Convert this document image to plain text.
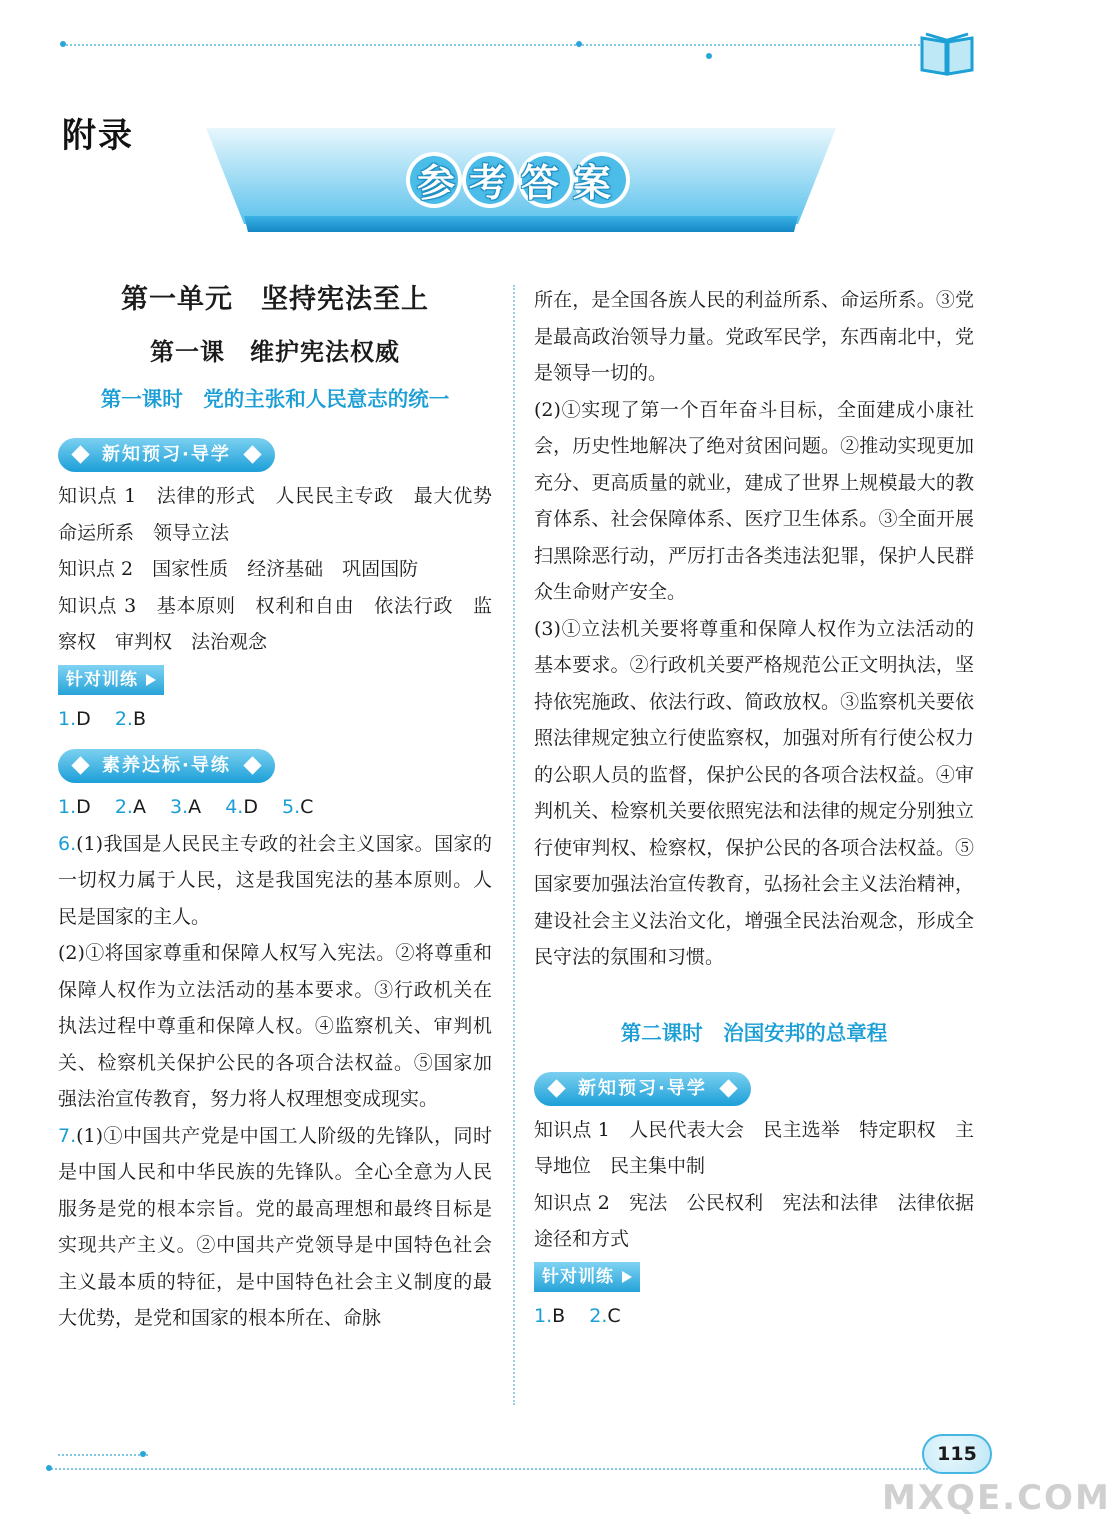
附录
参考答案
第一单元　坚持宪法至上
第一课　维护宪法权威
第一课时　党的主张和人民意志的统一
新知预习·导学
知识点 1　法律的形式　人民民主专政　最大优势　命运所系　领导立法
知识点 2　国家性质　经济基础　巩固国防
知识点 3　基本原则　权利和自由　依法行政　监察权　审判权　法治观念
针对训练
1.D 2.B
素养达标·导练
1.D 2.A 3.A 4.D 5.C
6.(1)我国是人民民主专政的社会主义国家。国家的一切权力属于人民，这是我国宪法的基本原则。人民是国家的主人。
(2)①将国家尊重和保障人权写入宪法。②将尊重和保障人权作为立法活动的基本要求。③行政机关在执法过程中尊重和保障人权。④监察机关、审判机关、检察机关保护公民的各项合法权益。⑤国家加强法治宣传教育，努力将人权理想变成现实。
7.(1)①中国共产党是中国工人阶级的先锋队，同时是中国人民和中华民族的先锋队。全心全意为人民服务是党的根本宗旨。党的最高理想和最终目标是实现共产主义。②中国共产党领导是中国特色社会主义最本质的特征，是中国特色社会主义制度的最大优势，是党和国家的根本所在、命脉
所在，是全国各族人民的利益所系、命运所系。③党是最高政治领导力量。党政军民学，东西南北中，党是领导一切的。
(2)①实现了第一个百年奋斗目标，全面建成小康社会，历史性地解决了绝对贫困问题。②推动实现更加充分、更高质量的就业，建成了世界上规模最大的教育体系、社会保障体系、医疗卫生体系。③全面开展扫黑除恶行动，严厉打击各类违法犯罪，保护人民群众生命财产安全。
(3)①立法机关要将尊重和保障人权作为立法活动的基本要求。②行政机关要严格规范公正文明执法，坚持依宪施政、依法行政、简政放权。③监察机关要依照法律规定独立行使监察权，加强对所有行使公权力的公职人员的监督，保护公民的各项合法权益。④审判机关、检察机关要依照宪法和法律的规定分别独立行使审判权、检察权，保护公民的各项合法权益。⑤国家要加强法治宣传教育，弘扬社会主义法治精神，建设社会主义法治文化，增强全民法治观念，形成全民守法的氛围和习惯。
第二课时　治国安邦的总章程
新知预习·导学
知识点 1　人民代表大会　民主选举　特定职权　主导地位　民主集中制
知识点 2　宪法　公民权利　宪法和法律　法律依据　途径和方式
针对训练
1.B 2.C
115
MXQE.COM
